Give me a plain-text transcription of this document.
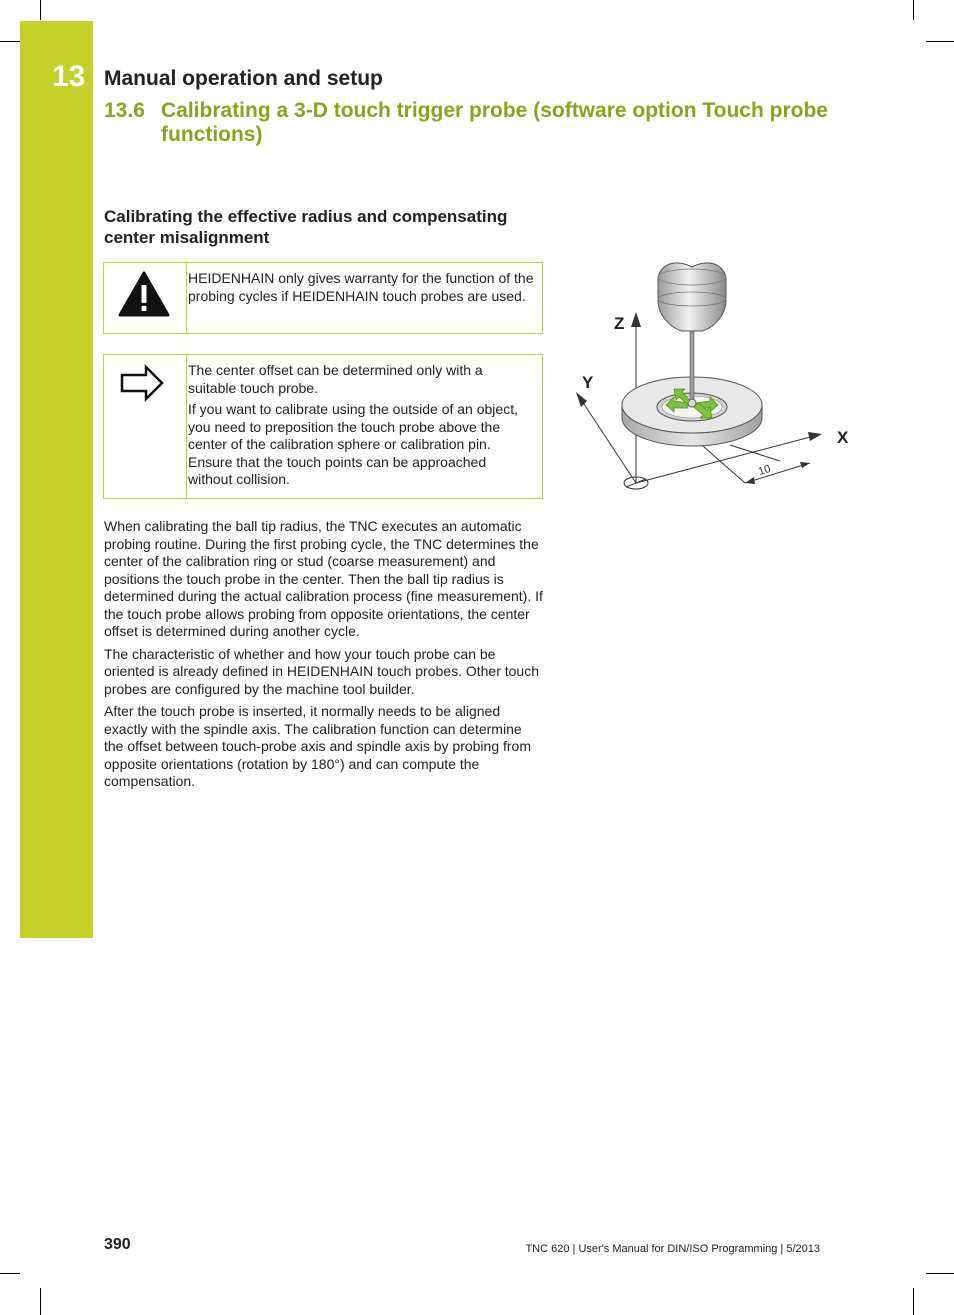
13 Manual operation and setup
13.6 Calibrating a 3-D touch trigger probe (software option Touch probe functions)
Calibrating the effective radius and compensating center misalignment

HEIDENHAIN only gives warranty for the function of the probing cycles if HEIDENHAIN touch probes are used.

The center offset can be determined only with a suitable touch probe.

If you want to calibrate using the outside of an object, you need to preposition the touch probe above the center of the calibration sphere or calibration pin. Ensure that the touch points can be approached without collision.

Z
Y
X
10

When calibrating the ball tip radius, the TNC executes an automatic probing routine. During the first probing cycle, the TNC determines the center of the calibration ring or stud (coarse measurement) and positions the touch probe in the center. Then the ball tip radius is determined during the actual calibration process (fine measurement). If the touch probe allows probing from opposite orientations, the center offset is determined during another cycle.

The characteristic of whether and how your touch probe can be oriented is already defined in HEIDENHAIN touch probes. Other touch probes are configured by the machine tool builder.

After the touch probe is inserted, it normally needs to be aligned exactly with the spindle axis. The calibration function can determine the offset between touch-probe axis and spindle axis by probing from opposite orientations (rotation by 180°) and can compute the compensation.

390	TNC 620 | User's Manual for DIN/ISO Programming | 5/2013
